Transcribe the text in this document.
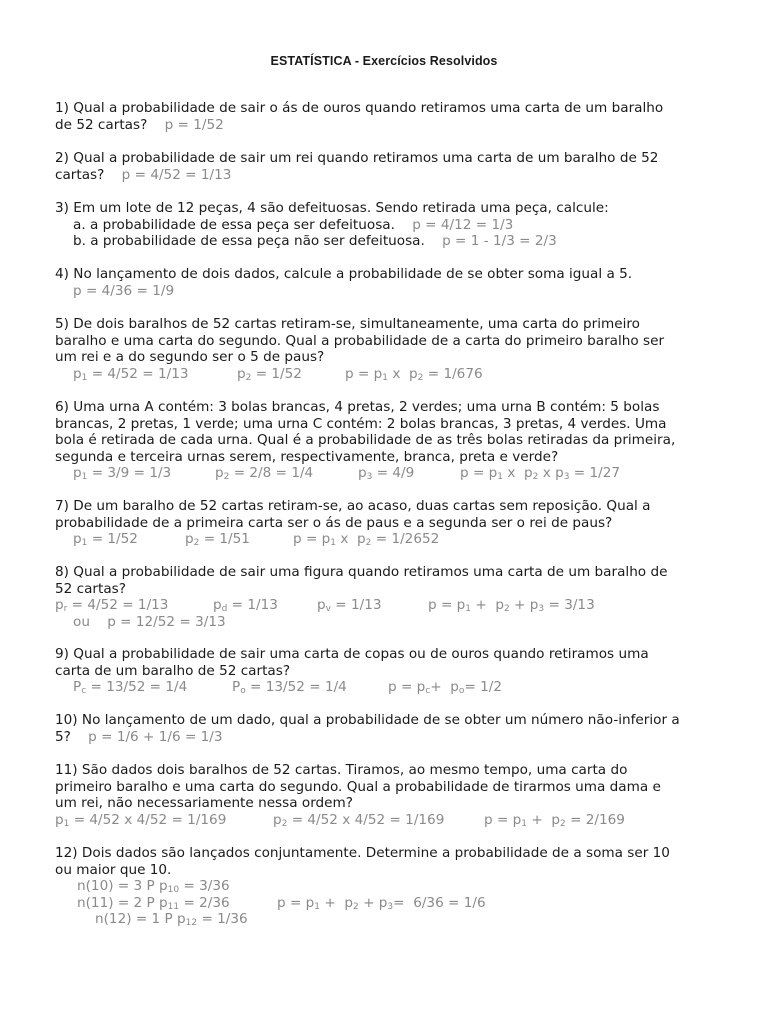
ESTATÍSTICA - Exercícios Resolvidos
1) Qual a probabilidade de sair o ás de ouros quando retiramos uma carta de um baralho
de 52 cartas? p = 1/52
2) Qual a probabilidade de sair um rei quando retiramos uma carta de um baralho de 52
cartas? p = 4/52 = 1/13
3) Em um lote de 12 peças, 4 são defeituosas. Sendo retirada uma peça, calcule:
a. a probabilidade de essa peça ser defeituosa. p = 4/12 = 1/3
b. a probabilidade de essa peça não ser defeituosa. p = 1 - 1/3 = 2/3
4) No lançamento de dois dados, calcule a probabilidade de se obter soma igual a 5.
p = 4/36 = 1/9
5) De dois baralhos de 52 cartas retiram-se, simultaneamente, uma carta do primeiro
baralho e uma carta do segundo. Qual a probabilidade de a carta do primeiro baralho ser
um rei e a do segundo ser o 5 de paus?
$p_1 = 4/52 = 1/13$	$p_2 = 1/52$	$p = p_1$ x  $p_2 = 1/676$
6) Uma urna A contém: 3 bolas brancas, 4 pretas, 2 verdes; uma urna B contém: 5 bolas
brancas, 2 pretas, 1 verde; uma urna C contém: 2 bolas brancas, 3 pretas, 4 verdes. Uma
bola é retirada de cada urna. Qual é a probabilidade de as três bolas retiradas da primeira,
segunda e terceira urnas serem, respectivamente, branca, preta e verde?
$p_1 = 3/9 = 1/3$	$p_2 = 2/8 = 1/4$	$p_3 = 4/9$	$p = p_1$ x  $p_2$ x $p_3 = 1/27$
7) De um baralho de 52 cartas retiram-se, ao acaso, duas cartas sem reposição. Qual a
probabilidade de a primeira carta ser o ás de paus e a segunda ser o rei de paus?
$p_1 = 1/52$	$p_2 = 1/51$	$p = p_1$ x  $p_2 = 1/2652$
8) Qual a probabilidade de sair uma figura quando retiramos uma carta de um baralho de
52 cartas?
$p_r = 4/52 = 1/13$	$p_d = 1/13$	$p_v = 1/13$	$p = p_1 + p_2 + p_3 = 3/13$
ou    p = 12/52 = 3/13
9) Qual a probabilidade de sair uma carta de copas ou de ouros quando retiramos uma
carta de um baralho de 52 cartas?
$P_c = 13/52 = 1/4$	$P_o = 13/52 = 1/4$	$p = p_c+ p_o= 1/2$
10) No lançamento de um dado, qual a probabilidade de se obter um número não-inferior a
5? p = 1/6 + 1/6 = 1/3
11) São dados dois baralhos de 52 cartas. Tiramos, ao mesmo tempo, uma carta do
primeiro baralho e uma carta do segundo. Qual a probabilidade de tirarmos uma dama e
um rei, não necessariamente nessa ordem?
$p_1 = 4/52$ x 4/52 = 1/169	$p_2 = 4/52$ x 4/52 = 1/169	$p = p_1 + p_2 = 2/169$
12) Dois dados são lançados conjuntamente. Determine a probabilidade de a soma ser 10
ou maior que 10.
n(10) = 3 P $p_{10} = 3/36$
n(11) = 2 P $p_{11} = 2/36$	$p = p_1 + p_2 + p_3= 6/36 = 1/6$
n(12) = 1 P $p_{12} = 1/36$
